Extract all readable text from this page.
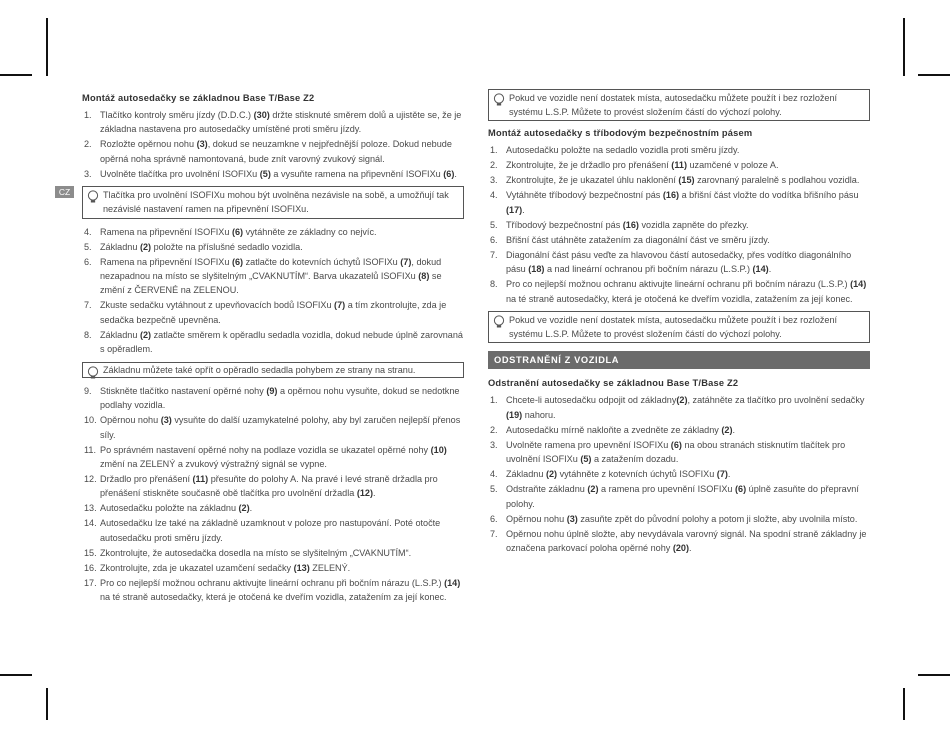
CZ
Montáž autosedačky se základnou Base T/Base Z2
1. Tlačítko kontroly směru jízdy (D.D.C.) (30) držte stisknuté směrem dolů a ujistěte se, že je základna nastavena pro autosedačky umístěné proti směru jízdy.
2. Rozložte opěrnou nohu (3), dokud se neuzamkne v nejpřednější poloze. Dokud nebude opěrná noha správně namontovaná, bude znít varovný zvukový signál.
3. Uvolněte tlačítka pro uvolnění ISOFIXu (5) a vysuňte ramena na připevnění ISOFIXu (6).
Tlačítka pro uvolnění ISOFIXu mohou být uvolněna nezávisle na sobě, a umožňují tak nezávislé nastavení ramen na připevnění ISOFIXu.
4. Ramena na připevnění ISOFIXu (6) vytáhněte ze základny co nejvíc.
5. Základnu (2) položte na příslušné sedadlo vozidla.
6. Ramena na připevnění ISOFIXu (6) zatlačte do kotevních úchytů ISOFIXu (7), dokud nezapadnou na místo se slyšitelným „CVAKNUTÍM“. Barva ukazatelů ISOFIXu (8) se změní z ČERVENÉ na ZELENOU.
7. Zkuste sedačku vytáhnout z upevňovacích bodů ISOFIXu (7) a tím zkontrolujte, zda je sedačka bezpečně upevněna.
8. Základnu (2) zatlačte směrem k opěradlu sedadla vozidla, dokud nebude úplně zarovnaná s opěradlem.
Základnu můžete také opřít o opěradlo sedadla pohybem ze strany na stranu.
9. Stiskněte tlačítko nastavení opěrné nohy (9) a opěrnou nohu vysuňte, dokud se nedotkne podlahy vozidla.
10. Opěrnou nohu (3) vysuňte do další uzamykatelné polohy, aby byl zaručen nejlepší přenos síly.
11. Po správném nastavení opěrné nohy na podlaze vozidla se ukazatel opěrné nohy (10) změní na ZELENÝ a zvukový výstražný signál se vypne.
12. Držadlo pro přenášení (11) přesuňte do polohy A. Na pravé i levé straně držadla pro přenášení stiskněte současně obě tlačítka pro uvolnění držadla (12).
13. Autosedačku položte na základnu (2).
14. Autosedačku lze také na základně uzamknout v poloze pro nastupování. Poté otočte autosedačku proti směru jízdy.
15. Zkontrolujte, že autosedačka dosedla na místo se slyšitelným „CVAKNUTÍM“.
16. Zkontrolujte, zda je ukazatel uzamčení sedačky (13) ZELENÝ.
17. Pro co nejlepší možnou ochranu aktivujte lineární ochranu při bočním nárazu (L.S.P.) (14) na té straně autosedačky, která je otočená ke dveřím vozidla, zatažením za její konec.
Pokud ve vozidle není dostatek místa, autosedačku můžete použít i bez rozložení systému L.S.P. Můžete to provést složením částí do výchozí polohy.
Montáž autosedačky s tříbodovým bezpečnostním pásem
1. Autosedačku položte na sedadlo vozidla proti směru jízdy.
2. Zkontrolujte, že je držadlo pro přenášení (11) uzamčené v poloze A.
3. Zkontrolujte, že je ukazatel úhlu naklonění (15) zarovnaný paralelně s podlahou vozidla.
4. Vytáhněte tříbodový bezpečnostní pás (16) a břišní část vložte do vodítka břišního pásu (17).
5. Tříbodový bezpečnostní pás (16) vozidla zapněte do přezky.
6. Břišní část utáhněte zatažením za diagonální část ve směru jízdy.
7. Diagonální část pásu veďte za hlavovou částí autosedačky, přes vodítko diagonálního pásu (18) a nad lineární ochranou při bočním nárazu (L.S.P.) (14).
8. Pro co nejlepší možnou ochranu aktivujte lineární ochranu při bočním nárazu (L.S.P.) (14) na té straně autosedačky, která je otočená ke dveřím vozidla, zatažením za její konec.
Pokud ve vozidle není dostatek místa, autosedačku můžete použít i bez rozložení systému L.S.P. Můžete to provést složením částí do výchozí polohy.
ODSTRANĚNÍ Z VOZIDLA
Odstranění autosedačky se základnou Base T/Base Z2
1. Chcete-li autosedačku odpojit od základny(2), zatáhněte za tlačítko pro uvolnění sedačky (19) nahoru.
2. Autosedačku mírně nakloňte a zvedněte ze základny (2).
3. Uvolněte ramena pro upevnění ISOFIXu (6) na obou stranách stisknutím tlačítek pro uvolnění ISOFIXu (5) a zatažením dozadu.
4. Základnu (2) vytáhněte z kotevních úchytů ISOFIXu (7).
5. Odstraňte základnu (2) a ramena pro upevnění ISOFIXu (6) úplně zasuňte do přepravní polohy.
6. Opěrnou nohu (3) zasuňte zpět do původní polohy a potom ji složte, aby uvolnila místo.
7. Opěrnou nohu úplně složte, aby nevydávala varovný signál. Na spodní straně základny je označena parkovací poloha opěrné nohy (20).
